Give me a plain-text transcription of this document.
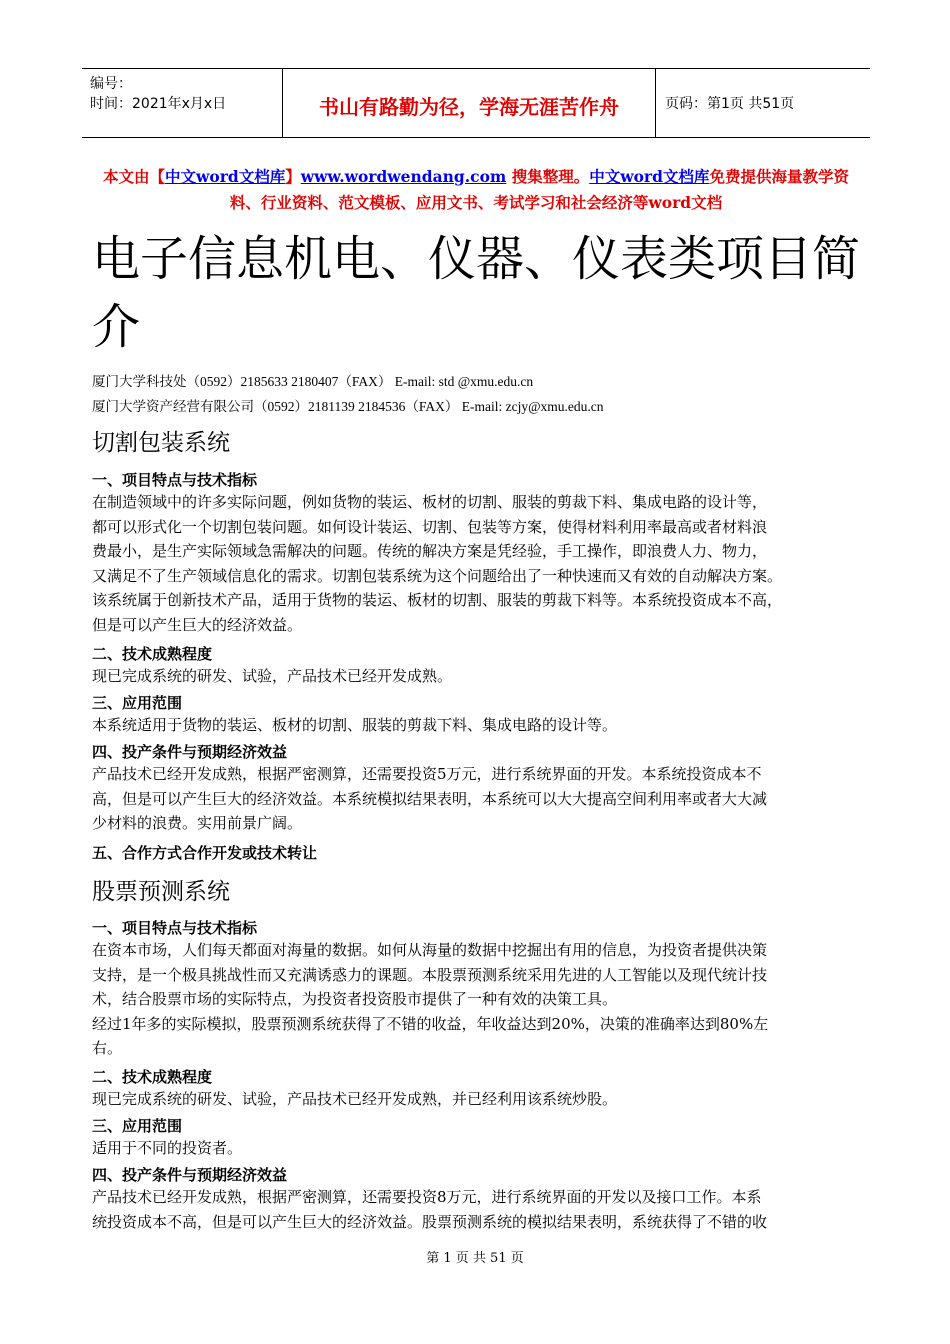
编号：
时间：2021年x月x日	书山有路勤为径，学海无涯苦作舟	页码：第1页 共51页
本文由【中文word文档库】www.wordwendang.com 搜集整理。中文word文档库免费提供海量教学资
料、行业资料、范文模板、应用文书、考试学习和社会经济等word文档
电子信息机电、仪器、仪表类项目简
介
厦门大学科技处（0592）2185633 2180407（FAX） E-mail: std @xmu.edu.cn
厦门大学资产经营有限公司（0592）2181139 2184536（FAX） E-mail: zcjy@xmu.edu.cn
切割包装系统
一、项目特点与技术指标
在制造领域中的许多实际问题，例如货物的装运、板材的切割、服装的剪裁下料、集成电路的设计等，
都可以形式化一个切割包装问题。如何设计装运、切割、包装等方案，使得材料利用率最高或者材料浪
费最小，是生产实际领域急需解决的问题。传统的解决方案是凭经验，手工操作，即浪费人力、物力，
又满足不了生产领域信息化的需求。切割包装系统为这个问题给出了一种快速而又有效的自动解决方案。
该系统属于创新技术产品，适用于货物的装运、板材的切割、服装的剪裁下料等。本系统投资成本不高，
但是可以产生巨大的经济效益。
二、技术成熟程度
现已完成系统的研发、试验，产品技术已经开发成熟。
三、应用范围
本系统适用于货物的装运、板材的切割、服装的剪裁下料、集成电路的设计等。
四、投产条件与预期经济效益
产品技术已经开发成熟，根据严密测算，还需要投资5万元，进行系统界面的开发。本系统投资成本不
高，但是可以产生巨大的经济效益。本系统模拟结果表明，本系统可以大大提高空间利用率或者大大减
少材料的浪费。实用前景广阔。
五、合作方式合作开发或技术转让
股票预测系统
一、项目特点与技术指标
在资本市场，人们每天都面对海量的数据。如何从海量的数据中挖掘出有用的信息，为投资者提供决策
支持，是一个极具挑战性而又充满诱惑力的课题。本股票预测系统采用先进的人工智能以及现代统计技
术，结合股票市场的实际特点，为投资者投资股市提供了一种有效的决策工具。
经过1年多的实际模拟，股票预测系统获得了不错的收益，年收益达到20%，决策的准确率达到80%左
右。
二、技术成熟程度
现已完成系统的研发、试验，产品技术已经开发成熟，并已经利用该系统炒股。
三、应用范围
适用于不同的投资者。
四、投产条件与预期经济效益
产品技术已经开发成熟，根据严密测算，还需要投资8万元，进行系统界面的开发以及接口工作。本系
统投资成本不高，但是可以产生巨大的经济效益。股票预测系统的模拟结果表明，系统获得了不错的收
第 1 页 共 51 页
